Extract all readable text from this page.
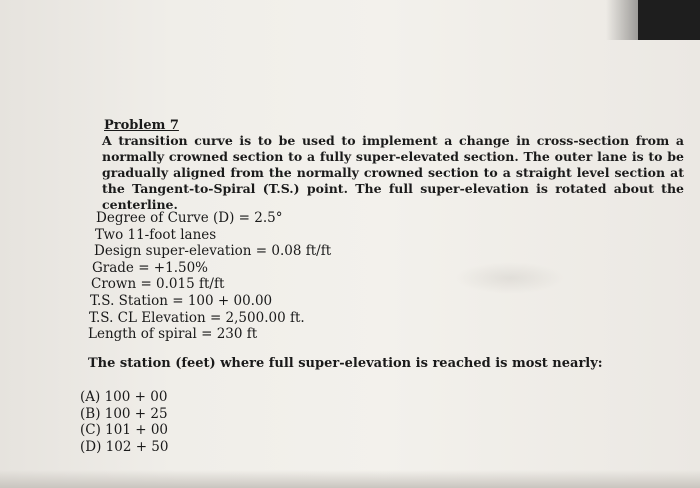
Problem 7

A transition curve is to be used to implement a change in cross-section from a normally crowned section to a fully super-elevated section. The outer lane is to be gradually aligned from the normally crowned section to a straight level section at the Tangent-to-Spiral (T.S.) point. The full super-elevation is rotated about the centerline.

Degree of Curve (D) = 2.5°
Two 11-foot lanes
Design super-elevation = 0.08 ft/ft
Grade = +1.50%
Crown = 0.015 ft/ft
T.S. Station = 100 + 00.00
T.S. CL Elevation = 2,500.00 ft.
Length of spiral = 230 ft

The station (feet) where full super-elevation is reached is most nearly:

(A) 100 + 00
(B) 100 + 25
(C) 101 + 00
(D) 102 + 50
